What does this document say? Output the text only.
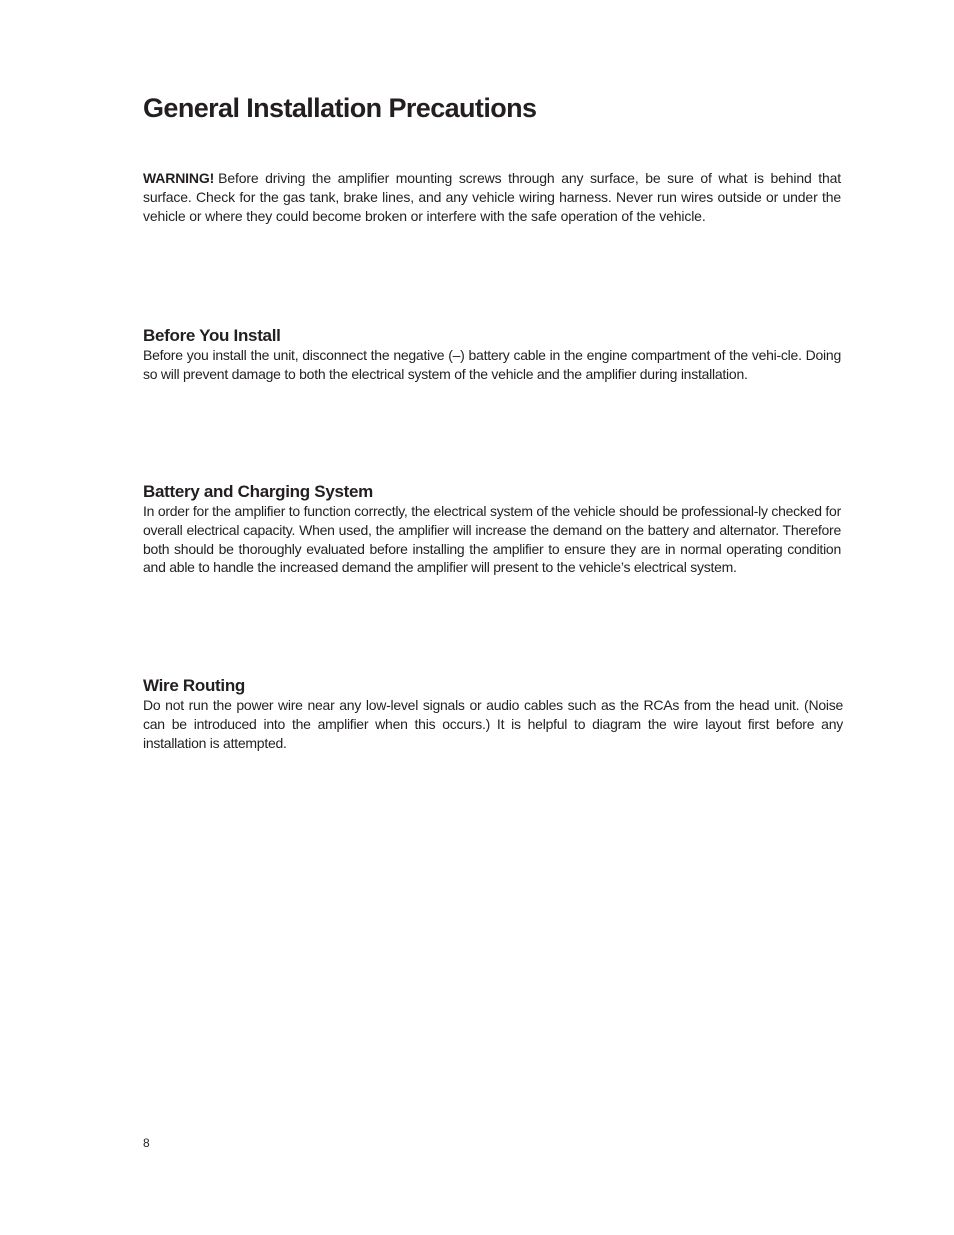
General Installation Precautions

WARNING! Before driving the amplifier mounting screws through any surface, be sure of what is behind that surface. Check for the gas tank, brake lines, and any vehicle wiring harness. Never run wires outside or under the vehicle or where they could become broken or interfere with the safe operation of the vehicle.

Before You Install

Before you install the unit, disconnect the negative (–) battery cable in the engine compartment of the vehi-cle. Doing so will prevent damage to both the electrical system of the vehicle and the amplifier during installation.

Battery and Charging System

In order for the amplifier to function correctly, the electrical system of the vehicle should be professional-ly checked for overall electrical capacity. When used, the amplifier will increase the demand on the battery and alternator. Therefore both should be thoroughly evaluated before installing the amplifier to ensure they are in normal operating condition and able to handle the increased demand the amplifier will present to the vehicle’s electrical system.

Wire Routing

Do not run the power wire near any low-level signals or audio cables such as the RCAs from the head unit. (Noise can be introduced into the amplifier when this occurs.) It is helpful to diagram the wire layout first before any installation is attempted.

8
